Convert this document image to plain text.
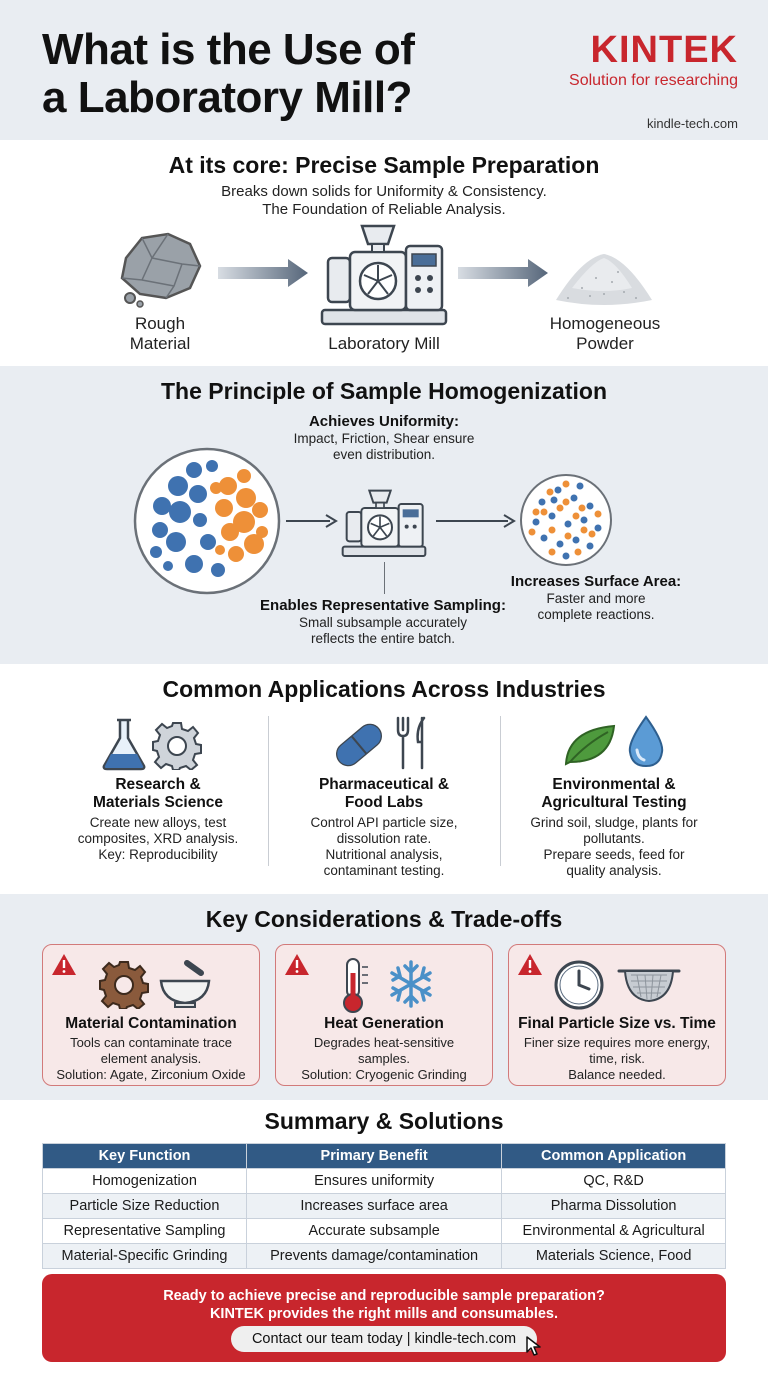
What is the Use of
a Laboratory Mill?
KINTEK
Solution for researching
kindle-tech.com
At its core: Precise Sample Preparation
Breaks down solids for Uniformity & Consistency.
The Foundation of Reliable Analysis.
Rough
Material	Laboratory Mill
Homogeneous
Powder
The Principle of Sample Homogenization
Achieves Uniformity:
Impact, Friction, Shear ensure
even distribution.
Enables Representative Sampling:
Small subsample accurately
reflects the entire batch.
Increases Surface Area:
Faster and more
complete reactions.
Common Applications Across Industries
Research &
Materials Science
Create new alloys, test
composites, XRD analysis.
Key: Reproducibility
Pharmaceutical &
Food Labs
Control API particle size,
dissolution rate.
Nutritional analysis,
contaminant testing.
Environmental &
Agricultural Testing
Grind soil, sludge, plants for
pollutants.
Prepare seeds, feed for
quality analysis.
Key Considerations & Trade-offs
Material Contamination
Tools can contaminate trace
element analysis.
Solution: Agate, Zirconium Oxide
Heat Generation
Degrades heat-sensitive
samples.
Solution: Cryogenic Grinding
Final Particle Size vs. Time
Finer size requires more energy,
time, risk.
Balance needed.
Summary & Solutions
Key Function	Primary Benefit	Common Application
Homogenization	Ensures uniformity	QC, R&D
Particle Size Reduction	Increases surface area	Pharma Dissolution
Representative Sampling	Accurate subsample	Environmental & Agricultural
Material-Specific Grinding	Prevents damage/contamination	Materials Science, Food
Ready to achieve precise and reproducible sample preparation?
KINTEK provides the right mills and consumables.
Contact our team today | kindle-tech.com
